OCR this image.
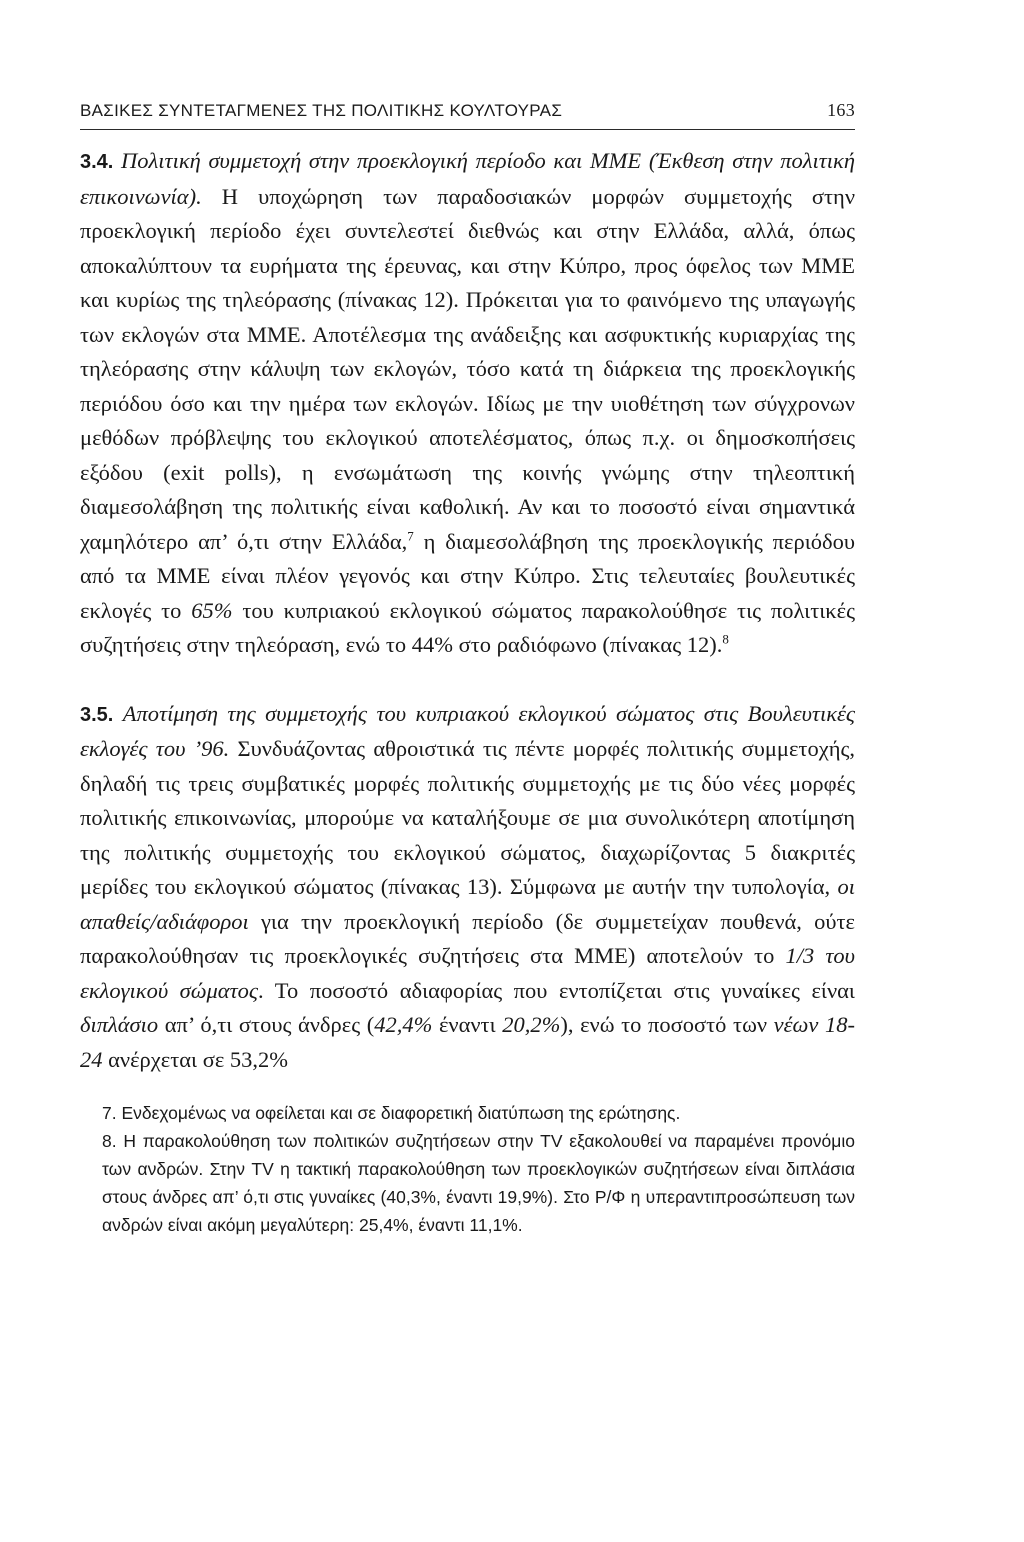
ΒΑΣΙΚΕΣ ΣΥΝΤΕΤΑΓΜΕΝΕΣ ΤΗΣ ΠΟΛΙΤΙΚΗΣ ΚΟΥΛΤΟΥΡΑΣ	163

3.4. Πολιτική συμμετοχή στην προεκλογική περίοδο και ΜΜΕ (Έκθεση στην πολιτική επικοινωνία). Η υποχώρηση των παραδοσιακών μορφών συμμετοχής στην προεκλογική περίοδο έχει συντελεστεί διεθνώς και στην Ελλάδα, αλλά, όπως αποκαλύπτουν τα ευρήματα της έρευνας, και στην Κύπρο, προς όφελος των ΜΜΕ και κυρίως της τηλεόρασης (πίνακας 12). Πρόκειται για το φαινόμενο της υπαγωγής των εκλογών στα ΜΜΕ. Αποτέλεσμα της ανάδειξης και ασφυκτικής κυριαρχίας της τηλεόρασης στην κάλυψη των εκλογών, τόσο κατά τη διάρκεια της προεκλογικής περιόδου όσο και την ημέρα των εκλογών. Ιδίως με την υιοθέτηση των σύγχρονων μεθόδων πρόβλεψης του εκλογικού αποτελέσματος, όπως π.χ. οι δημοσκοπήσεις εξόδου (exit polls), η ενσωμάτωση της κοινής γνώμης στην τηλεοπτική διαμεσολάβηση της πολιτικής είναι καθολική. Αν και το ποσοστό είναι σημαντικά χαμηλότερο απ’ ό,τι στην Ελλάδα,$^7$ η διαμεσολάβηση της προεκλογικής περιόδου από τα ΜΜΕ είναι πλέον γεγονός και στην Κύπρο. Στις τελευταίες βουλευτικές εκλογές το 65% του κυπριακού εκλογικού σώματος παρακολούθησε τις πολιτικές συζητήσεις στην τηλεόραση, ενώ το 44% στο ραδιόφωνο (πίνακας 12).$^8$

3.5. Αποτίμηση της συμμετοχής του κυπριακού εκλογικού σώματος στις Βουλευτικές εκλογές του ’96. Συνδυάζοντας αθροιστικά τις πέντε μορφές πολιτικής συμμετοχής, δηλαδή τις τρεις συμβατικές μορφές πολιτικής συμμετοχής με τις δύο νέες μορφές πολιτικής επικοινωνίας, μπορούμε να καταλήξουμε σε μια συνολικότερη αποτίμηση της πολιτικής συμμετοχής του εκλογικού σώματος, διαχωρίζοντας 5 διακριτές μερίδες του εκλογικού σώματος (πίνακας 13). Σύμφωνα με αυτήν την τυπολογία, οι απαθείς/αδιάφοροι για την προεκλογική περίοδο (δε συμμετείχαν πουθενά, ούτε παρακολούθησαν τις προεκλογικές συζητήσεις στα ΜΜΕ) αποτελούν το 1/3 του εκλογικού σώματος. Το ποσοστό αδιαφορίας που εντοπίζεται στις γυναίκες είναι διπλάσιο απ’ ό,τι στους άνδρες (42,4% έναντι 20,2%), ενώ το ποσοστό των νέων 18-24 ανέρχεται σε 53,2%

7. Ενδεχομένως να οφείλεται και σε διαφορετική διατύπωση της ερώτησης.

8. Η παρακολούθηση των πολιτικών συζητήσεων στην TV εξακολουθεί να παραμένει προνόμιο των ανδρών. Στην TV η τακτική παρακολούθηση των προεκλογικών συζητήσεων είναι διπλάσια στους άνδρες απ’ ό,τι στις γυναίκες (40,3%, έναντι 19,9%). Στο Ρ/Φ η υπεραντιπροσώπευση των ανδρών είναι ακόμη μεγαλύτερη: 25,4%, έναντι 11,1%.
